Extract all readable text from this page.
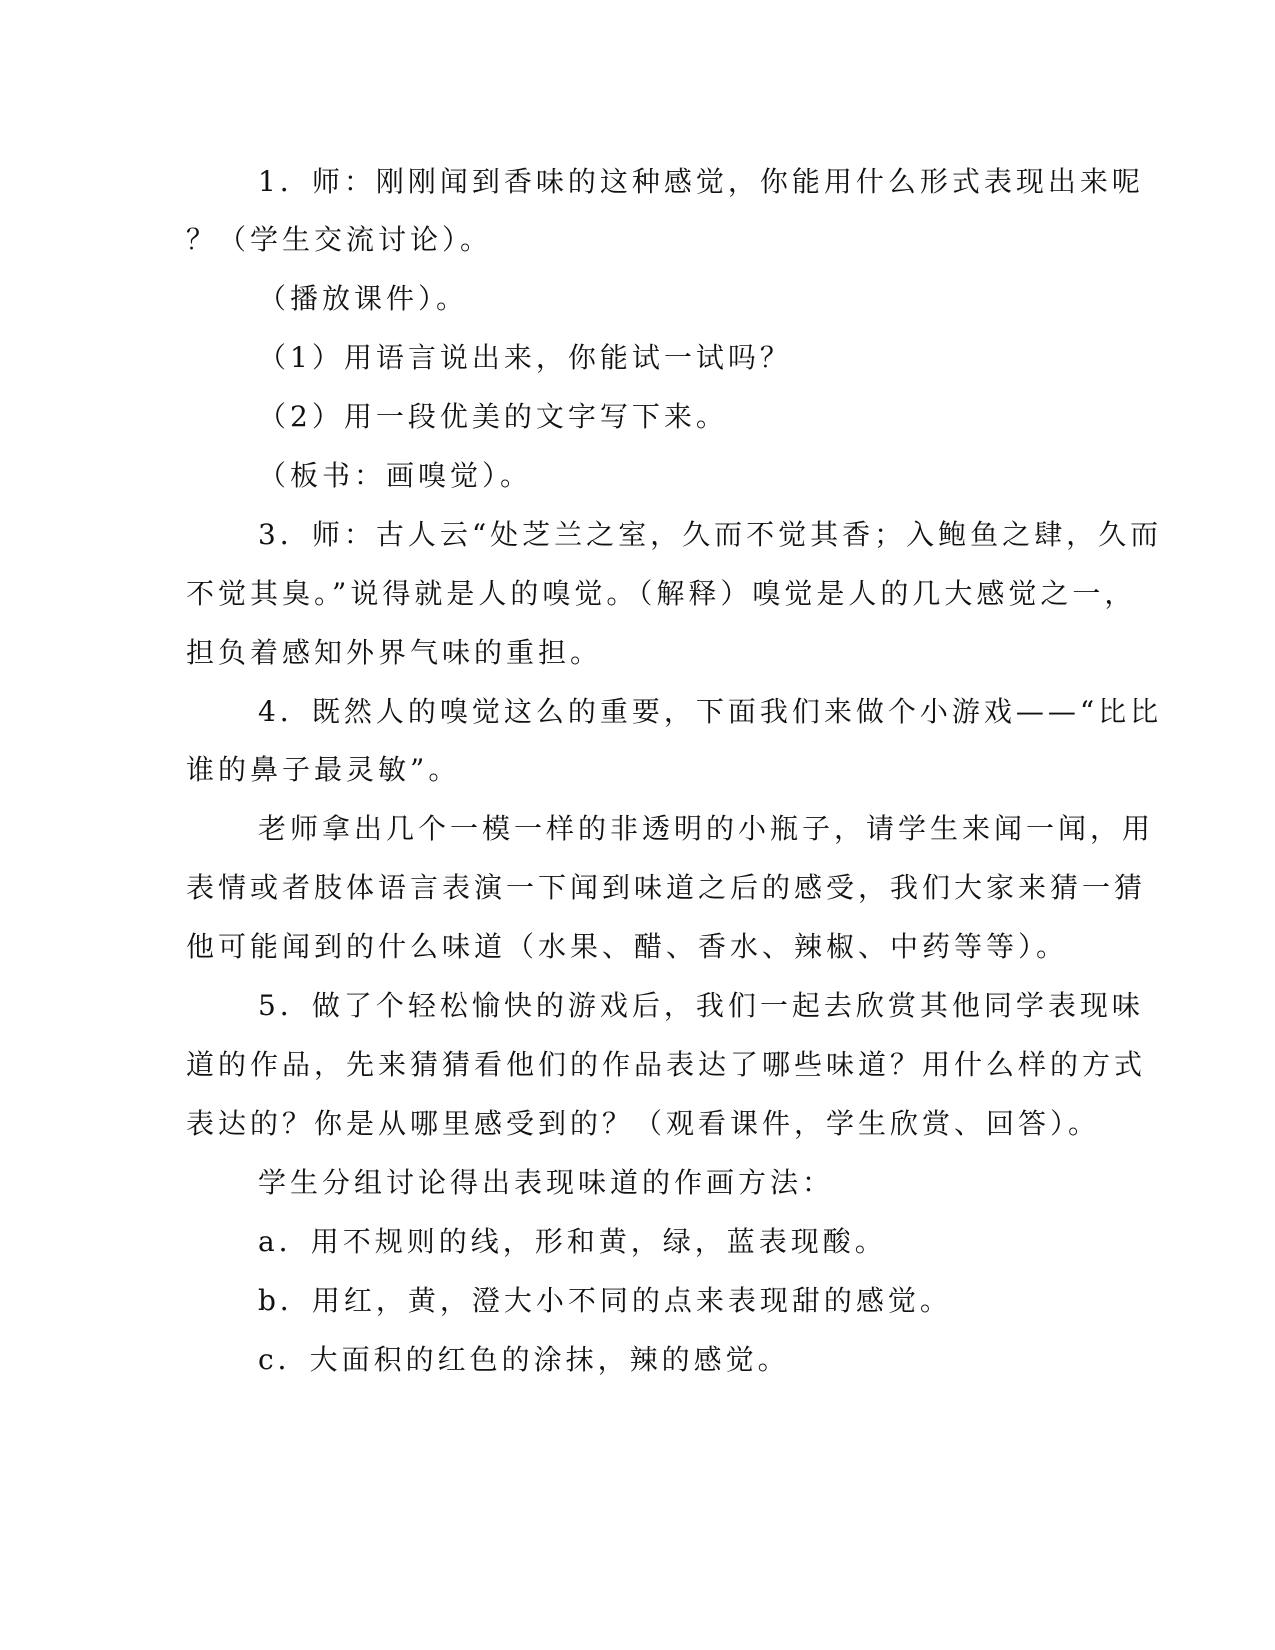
1．师：刚刚闻到香味的这种感觉，你能用什么形式表现出来呢
？（学生交流讨论）。
（播放课件）。
（1）用语言说出来，你能试一试吗？
（2）用一段优美的文字写下来。
（板书：画嗅觉）。
3．师：古人云“处芝兰之室，久而不觉其香；入鲍鱼之肆，久而
不觉其臭。”说得就是人的嗅觉。（解释）嗅觉是人的几大感觉之一，
担负着感知外界气味的重担。
4．既然人的嗅觉这么的重要，下面我们来做个小游戏——“比比
谁的鼻子最灵敏”。
老师拿出几个一模一样的非透明的小瓶子，请学生来闻一闻，用
表情或者肢体语言表演一下闻到味道之后的感受，我们大家来猜一猜
他可能闻到的什么味道（水果、醋、香水、辣椒、中药等等）。
5．做了个轻松愉快的游戏后，我们一起去欣赏其他同学表现味
道的作品，先来猜猜看他们的作品表达了哪些味道？用什么样的方式
表达的？你是从哪里感受到的？（观看课件，学生欣赏、回答）。
学生分组讨论得出表现味道的作画方法：
a．用不规则的线，形和黄，绿，蓝表现酸。
b．用红，黄，澄大小不同的点来表现甜的感觉。
c．大面积的红色的涂抹，辣的感觉。
